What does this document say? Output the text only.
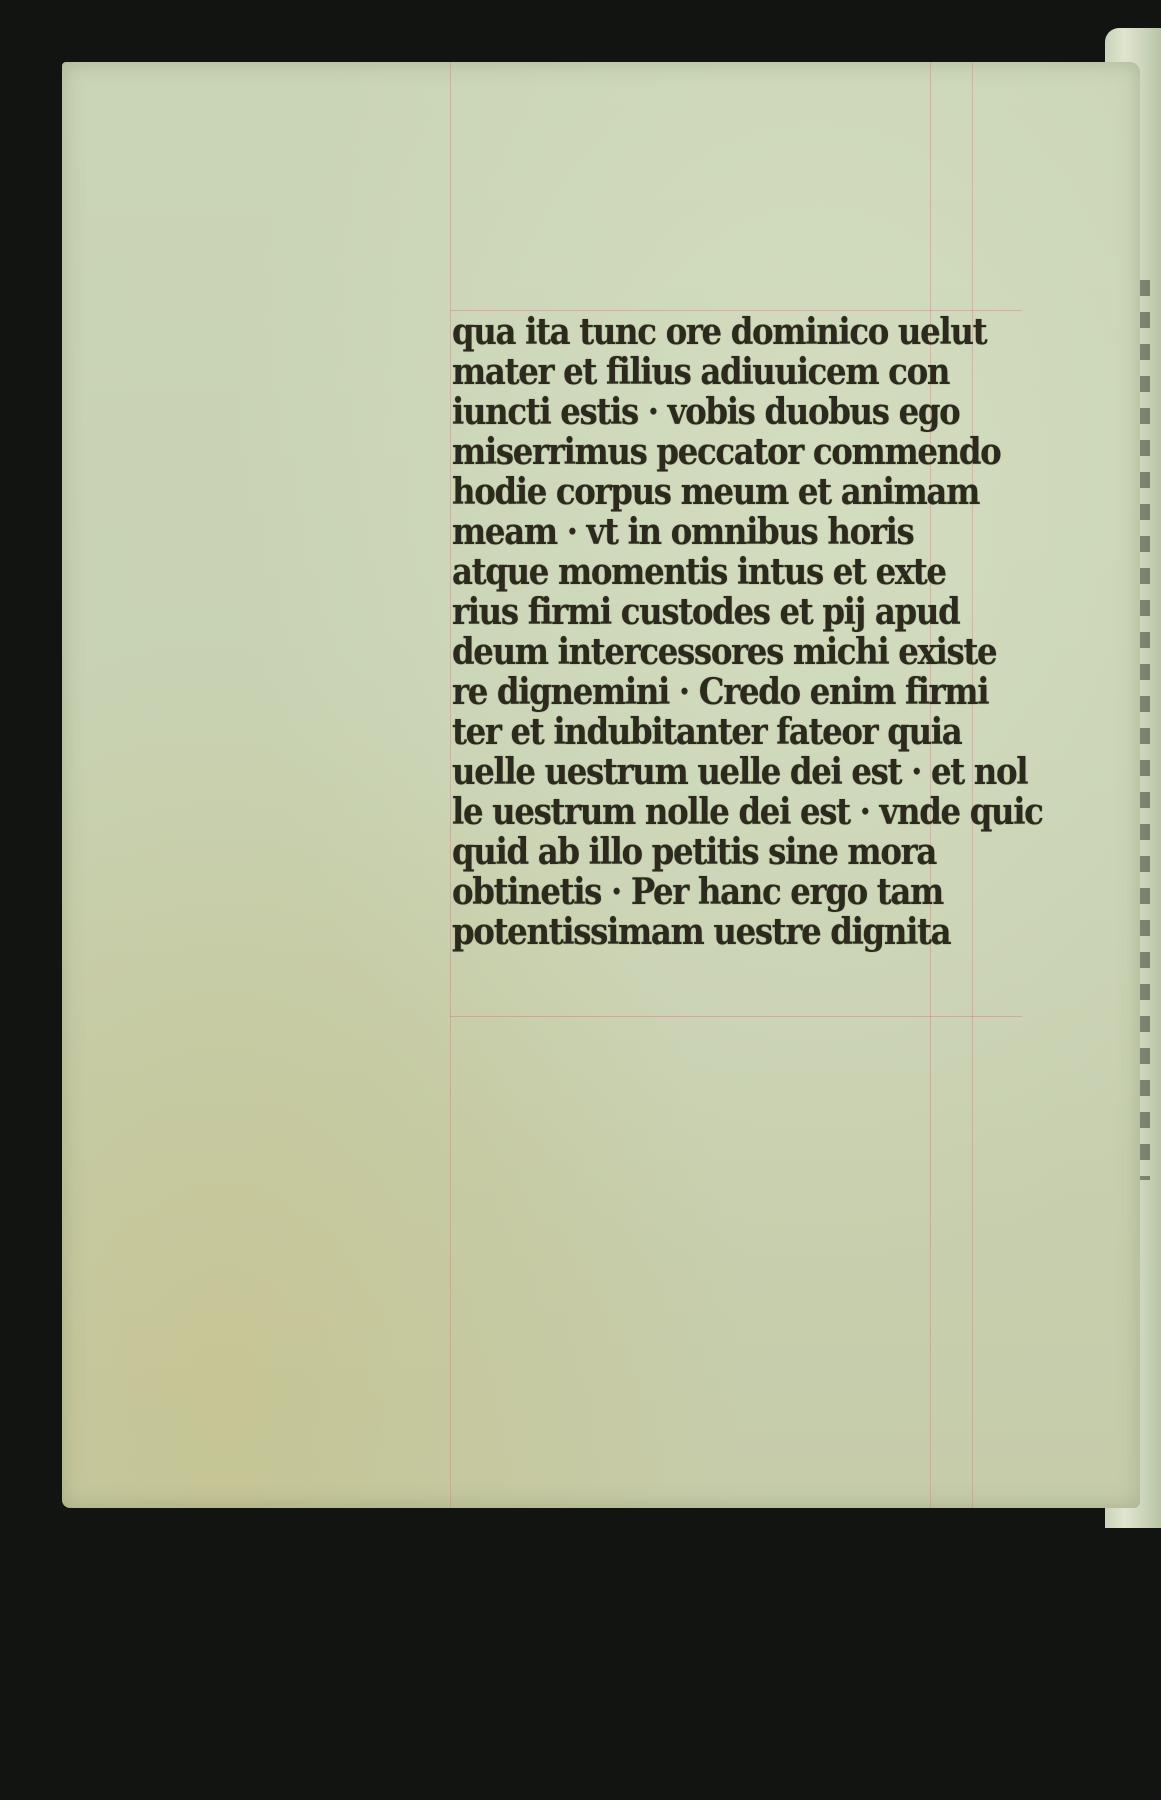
qua ita tunc ore dominico uelut
mater et filius adiuuicem con
iuncti estis · vobis duobus ego
miserrimus peccator commendo
hodie corpus meum et animam
meam · vt in omnibus horis
atque momentis intus et exte
rius firmi custodes et pij apud
deum intercessores michi existe
re dignemini · Credo enim firmi
ter et indubitanter fateor quia
uelle uestrum uelle dei est · et nol
le uestrum nolle dei est · vnde quic
quid ab illo petitis sine mora
obtinetis · Per hanc ergo tam
potentissimam uestre dignita
